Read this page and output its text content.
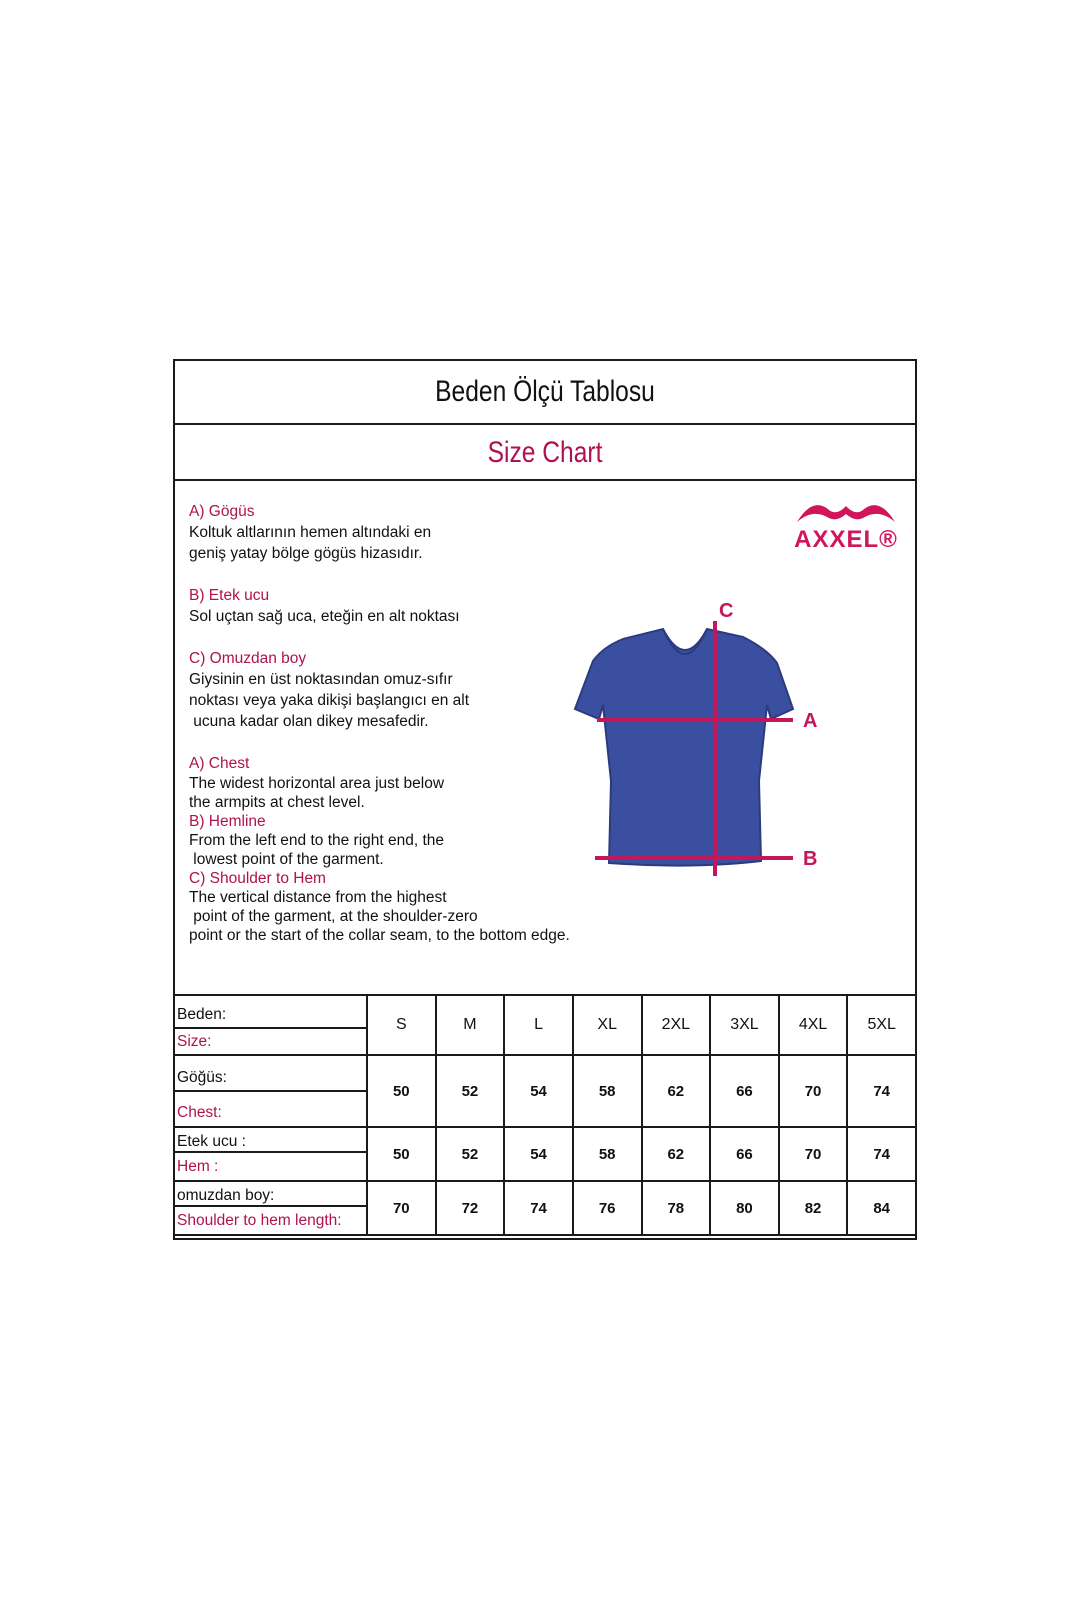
Beden Ölçü Tablosu
Size Chart
A) Gögüs
Koltuk altlarının hemen altındaki en
geniş yatay bölge gögüs hizasıdır.
B) Etek ucu
Sol uçtan sağ uca, eteğin en alt noktası
C) Omuzdan boy
Giysinin en üst noktasından omuz-sıfır
noktası veya yaka dikişi başlangıcı en alt
ucuna kadar olan dikey mesafedir.
A) Chest
The widest horizontal area just below
the armpits at chest level.
B) Hemline
From the left end to the right end, the
lowest point of the garment.
C) Shoulder to Hem
The vertical distance from the highest
point of the garment, at the shoulder-zero
point or the start of the collar seam, to the bottom edge.
AXXEL®
C
A
B
Beden:
Size:	S	M	L	XL	2XL	3XL	4XL	5XL

Göğüs:
Chest:	50	52	54	58	62	66	70	74

Etek ucu :
Hem :	50	52	54	58	62	66	70	74

omuzdan boy:
Shoulder to hem length:	70	72	74	76	78	80	82	84
